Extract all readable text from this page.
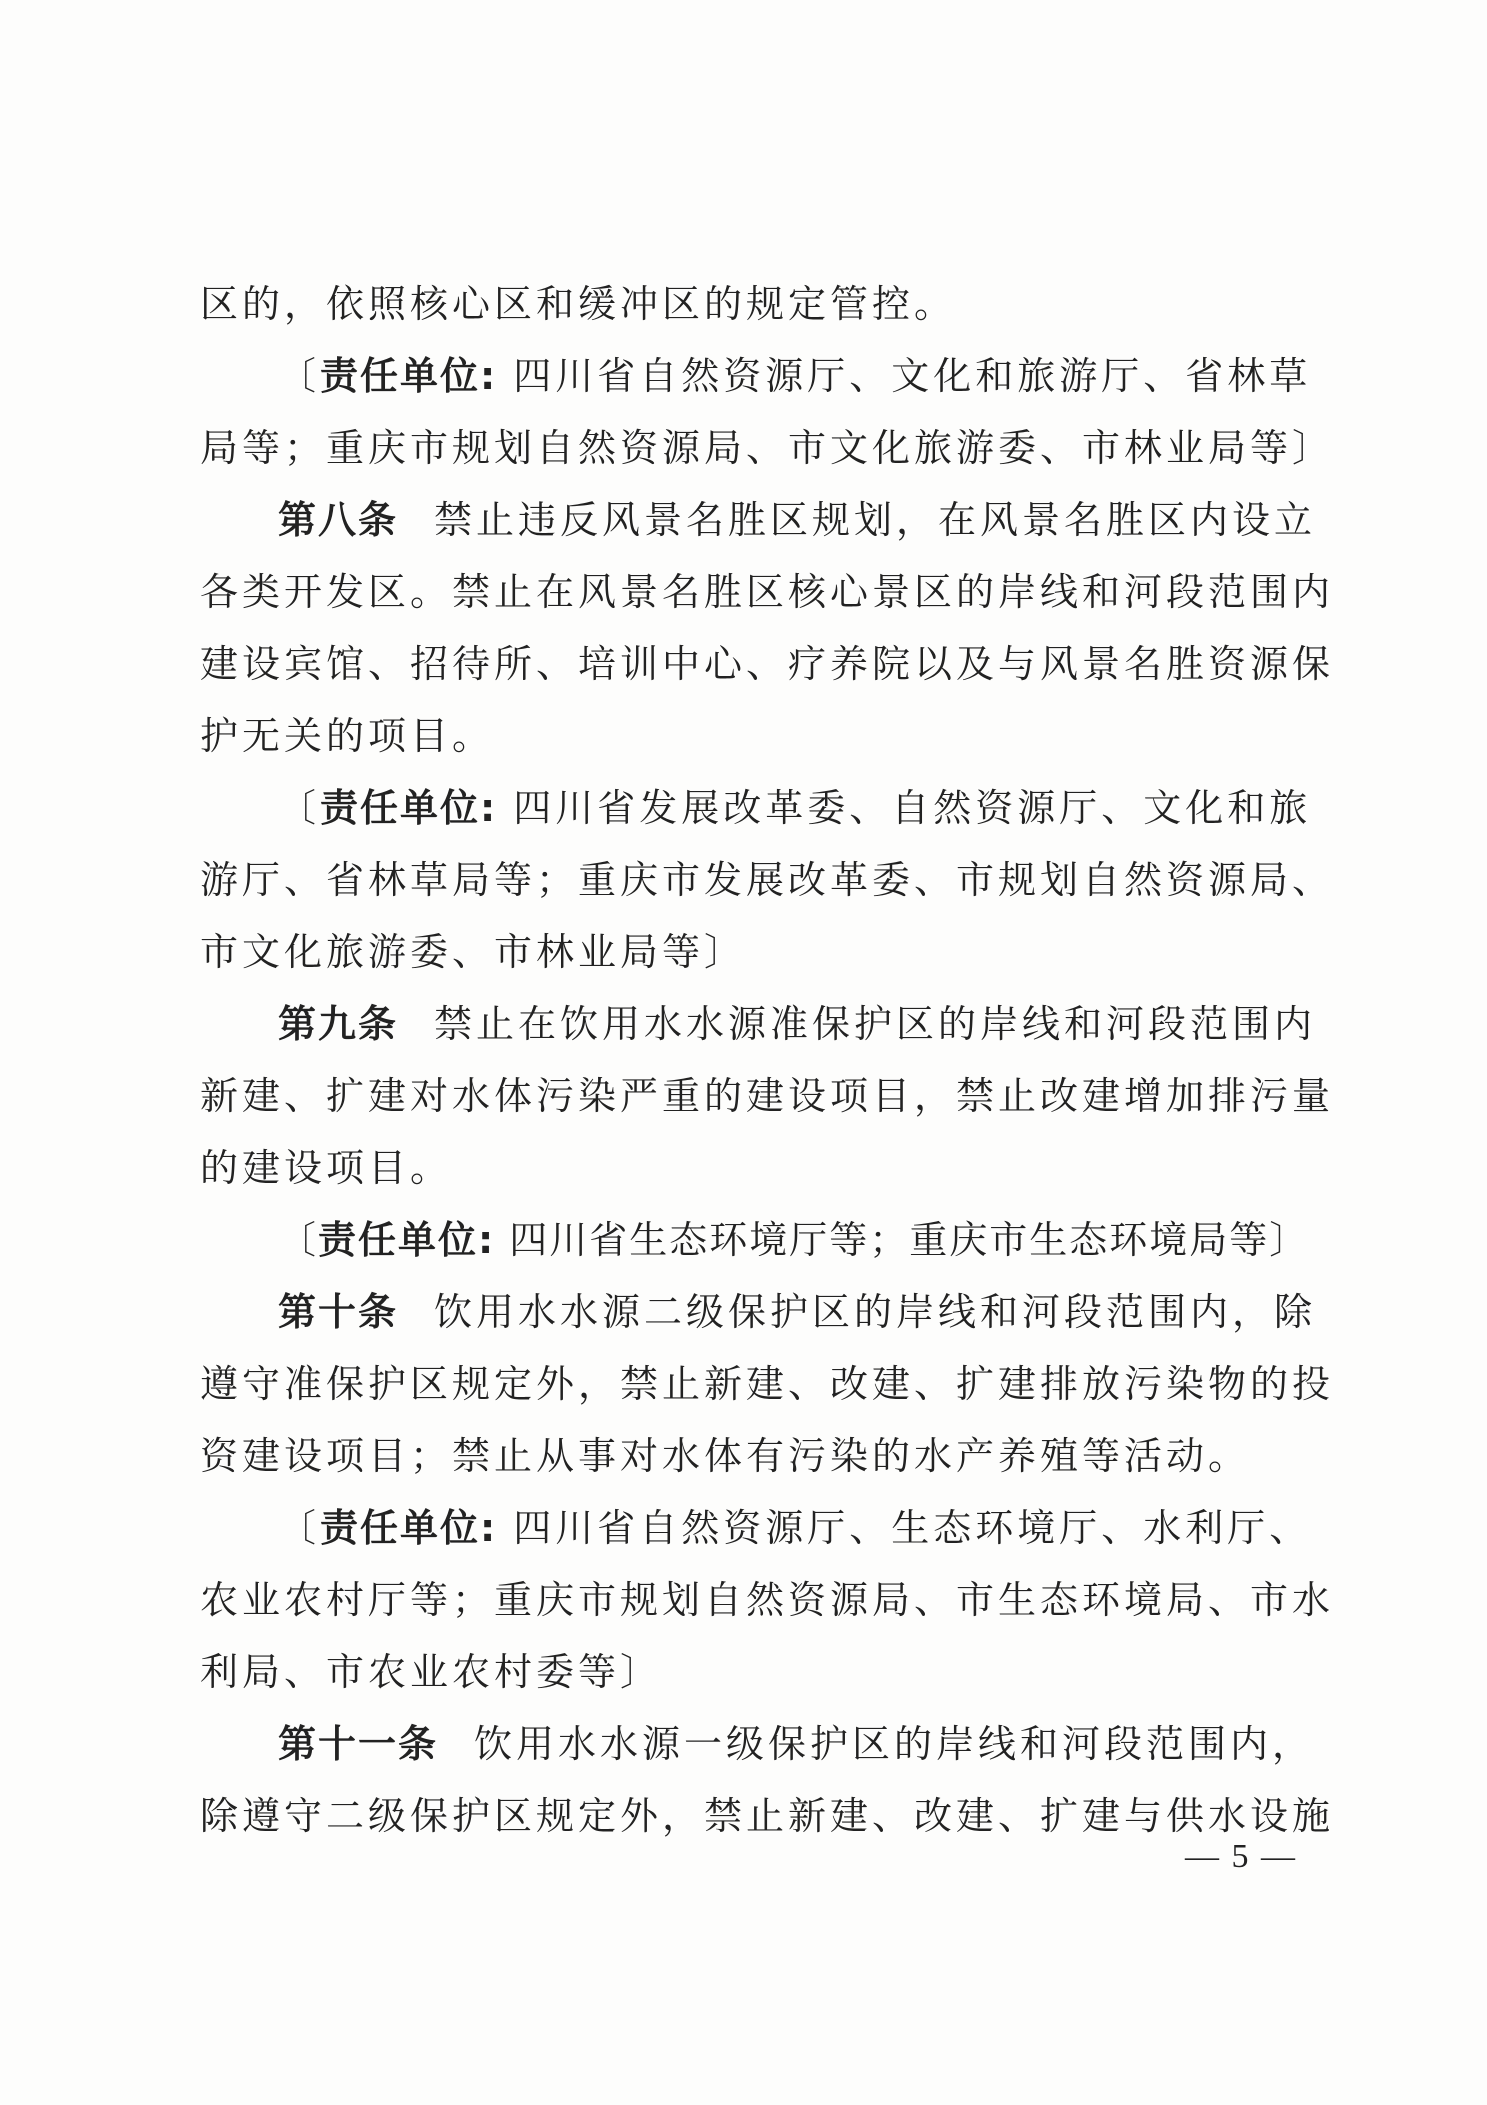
区的，依照核心区和缓冲区的规定管控。
〔责任单位: 四川省自然资源厅、文化和旅游厅、省林草
局等；重庆市规划自然资源局、市文化旅游委、市林业局等〕
第八条 禁止违反风景名胜区规划，在风景名胜区内设立
各类开发区。禁止在风景名胜区核心景区的岸线和河段范围内
建设宾馆、招待所、培训中心、疗养院以及与风景名胜资源保
护无关的项目。
〔责任单位: 四川省发展改革委、自然资源厅、文化和旅
游厅、省林草局等；重庆市发展改革委、市规划自然资源局、
市文化旅游委、市林业局等〕
第九条 禁止在饮用水水源准保护区的岸线和河段范围内
新建、扩建对水体污染严重的建设项目，禁止改建增加排污量
的建设项目。
〔责任单位: 四川省生态环境厅等；重庆市生态环境局等〕
第十条 饮用水水源二级保护区的岸线和河段范围内，除
遵守准保护区规定外，禁止新建、改建、扩建排放污染物的投
资建设项目；禁止从事对水体有污染的水产养殖等活动。
〔责任单位: 四川省自然资源厅、生态环境厅、水利厅、
农业农村厅等；重庆市规划自然资源局、市生态环境局、市水
利局、市农业农村委等〕
第十一条 饮用水水源一级保护区的岸线和河段范围内，
除遵守二级保护区规定外，禁止新建、改建、扩建与供水设施
— 5 —
